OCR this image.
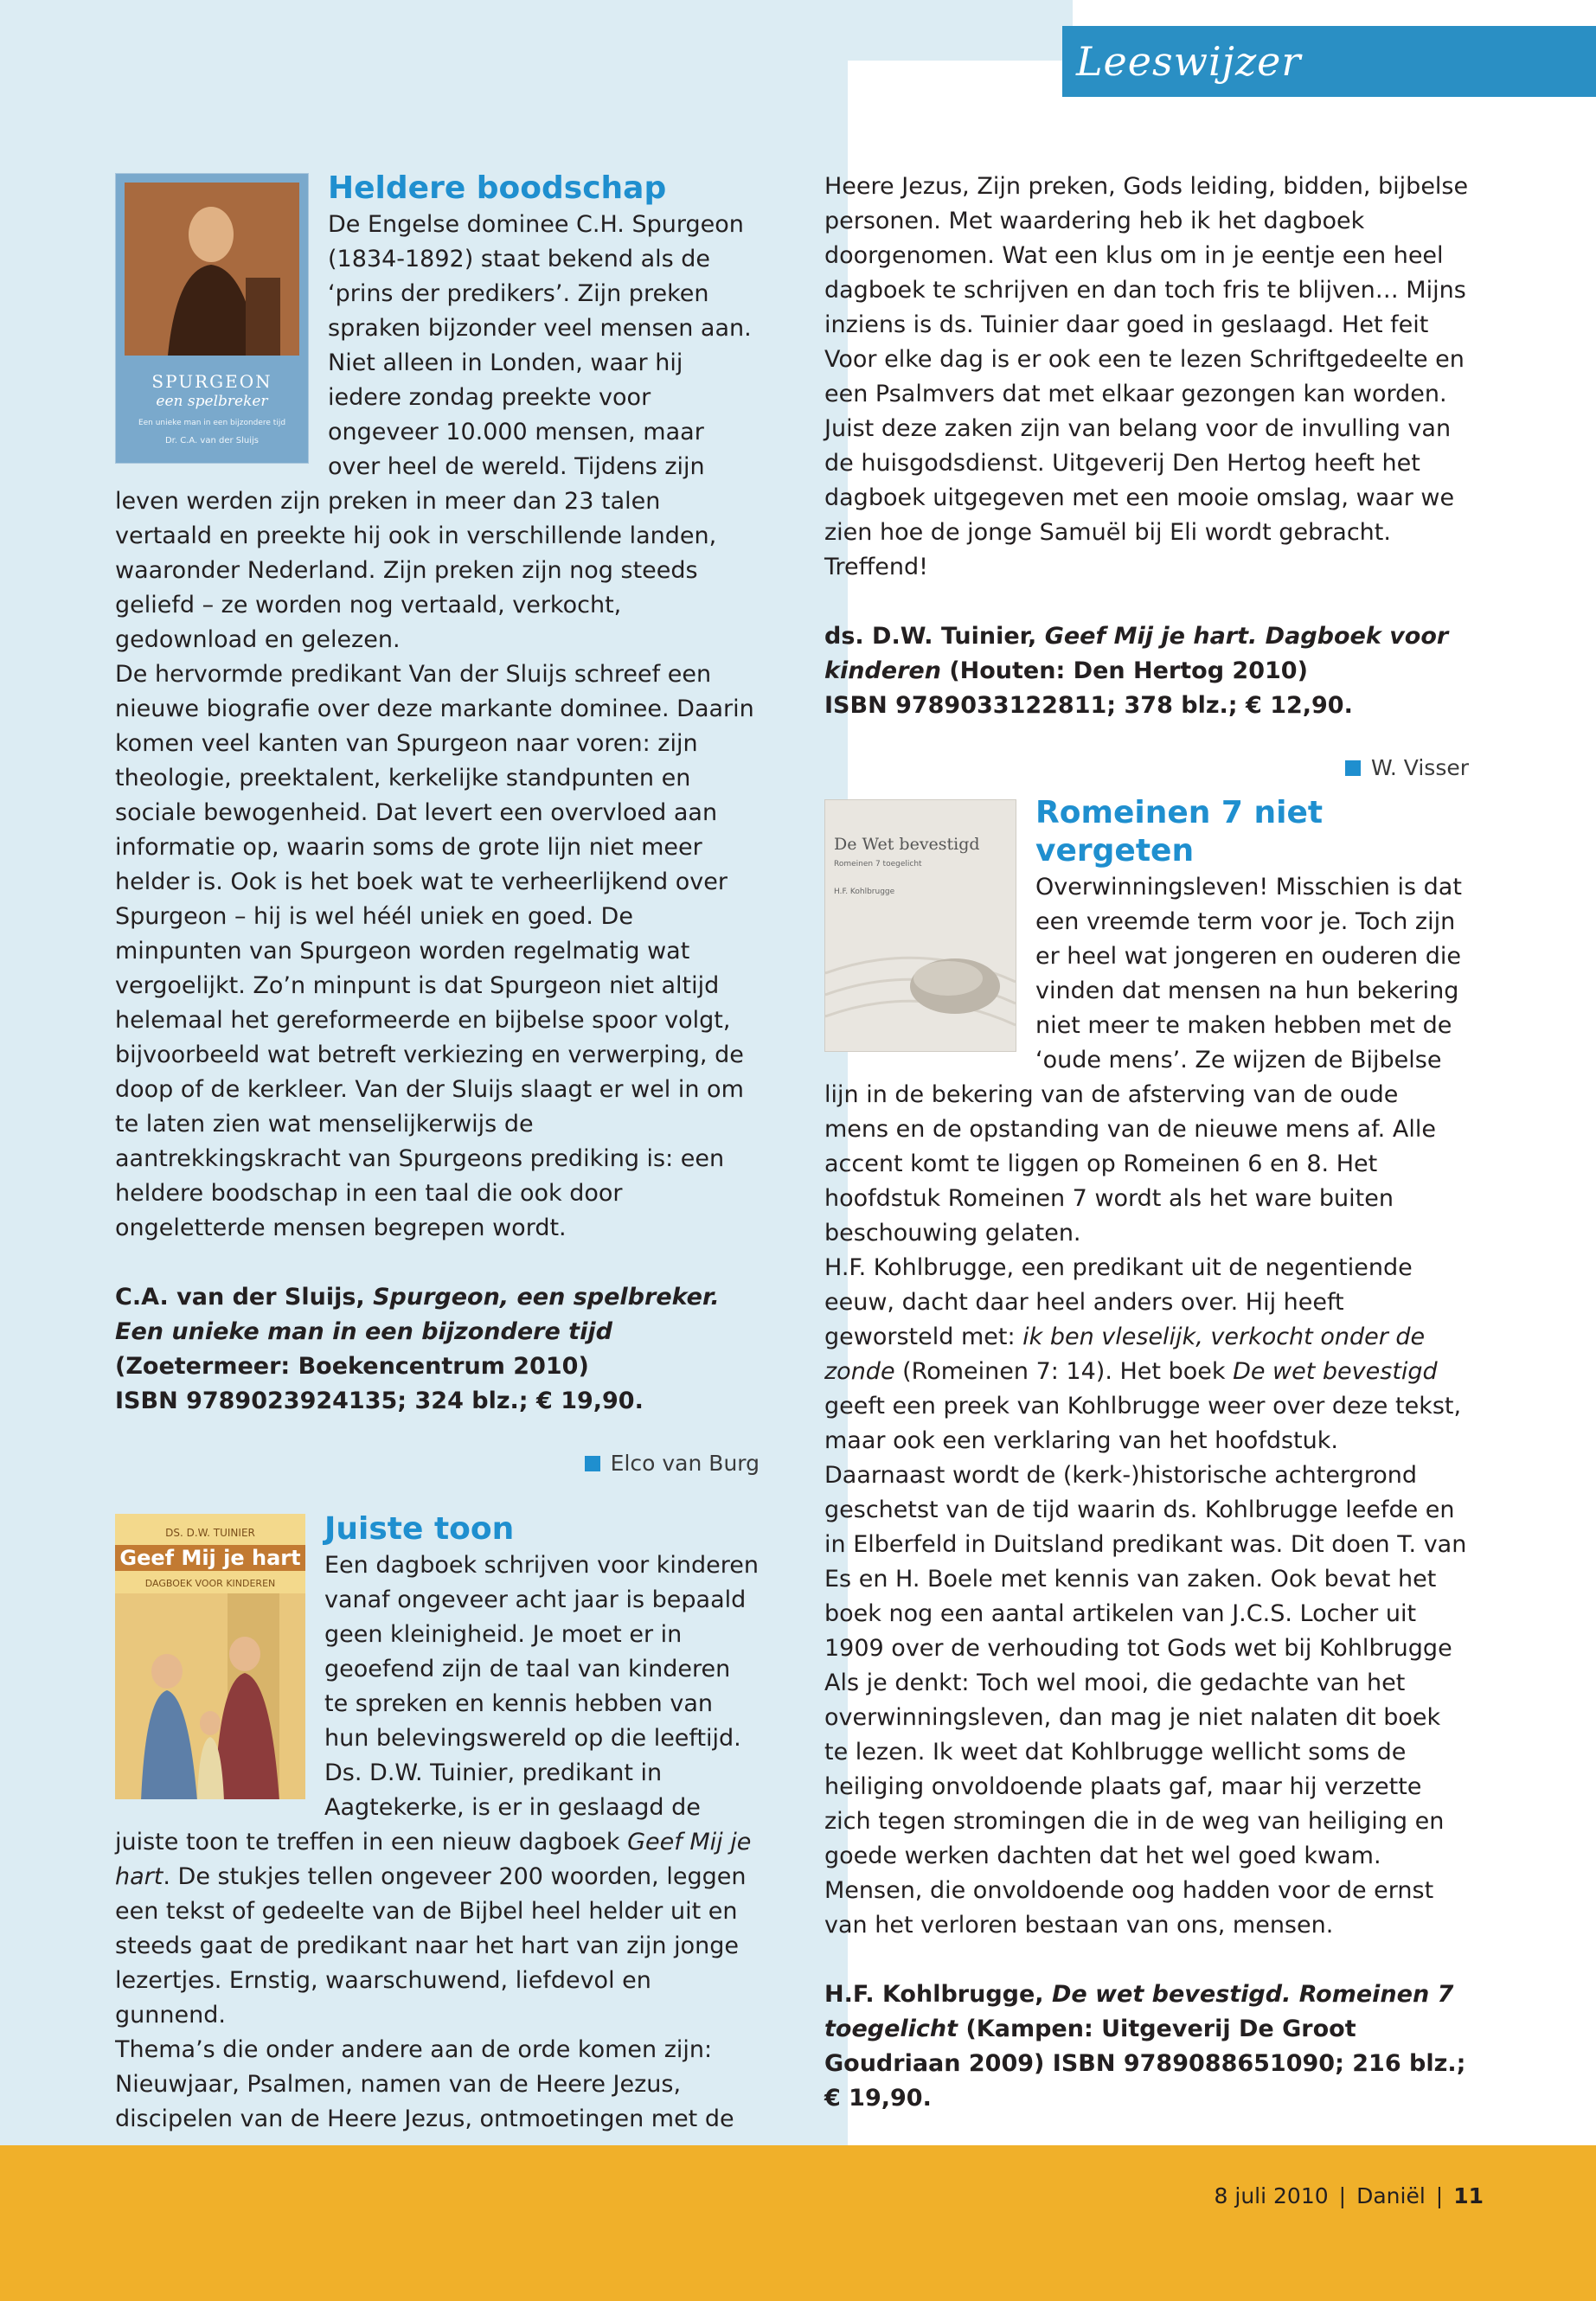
Leeswijzer
SPURGEON
een spelbreker
Een unieke man in een bijzondere tijd
Dr. C.A. van der Sluijs
Heldere boodschap

De Engelse dominee C.H. Spurgeon (1834-1892) staat bekend als de ‘prins der predikers’. Zijn preken spraken bijzonder veel mensen aan. Niet alleen in Londen, waar hij iedere zondag preekte voor ongeveer 10.000 mensen, maar over heel de wereld. Tijdens zijn leven werden zijn preken in meer dan 23 talen vertaald en preekte hij ook in verschillende landen, waaronder Nederland. Zijn preken zijn nog steeds geliefd – ze worden nog vertaald, verkocht, gedownload en gelezen.

De hervormde predikant Van der Sluijs schreef een nieuwe biografie over deze markante dominee. Daarin komen veel kanten van Spurgeon naar voren: zijn theologie, preektalent, kerkelijke standpunten en sociale bewogenheid. Dat levert een overvloed aan informatie op, waarin soms de grote lijn niet meer helder is. Ook is het boek wat te verheerlijkend over Spurgeon – hij is wel héél uniek en goed. De minpunten van Spurgeon worden regelmatig wat vergoelijkt. Zo’n minpunt is dat Spurgeon niet altijd helemaal het gereformeerde en bijbelse spoor volgt, bijvoorbeeld wat betreft verkiezing en verwerping, de doop of de kerkleer. Van der Sluijs slaagt er wel in om te laten zien wat menselijkerwijs de aantrekkingskracht van Spurgeons prediking is: een heldere boodschap in een taal die ook door ongeletterde mensen begrepen wordt.

C.A. van der Sluijs, Spurgeon, een spelbreker. Een unieke man in een bijzondere tijd (Zoetermeer: Boekencentrum 2010)
ISBN 9789023924135; 324 blz.; € 19,90.

Elco van Burg

DS. D.W. TUINIER
Geef Mij je hart
DAGBOEK VOOR KINDEREN
Juiste toon

Een dagboek schrijven voor kinderen vanaf ongeveer acht jaar is bepaald geen kleinigheid. Je moet er in geoefend zijn de taal van kinderen te spreken en kennis hebben van hun belevingswereld op die leeftijd. Ds. D.W. Tuinier, predikant in Aagtekerke, is er in geslaagd de juiste toon te treffen in een nieuw dagboek Geef Mij je hart. De stukjes tellen ongeveer 200 woorden, leggen een tekst of gedeelte van de Bijbel heel helder uit en steeds gaat de predikant naar het hart van zijn jonge lezertjes. Ernstig, waarschuwend, liefdevol en gunnend.

Thema’s die onder andere aan de orde komen zijn: Nieuwjaar, Psalmen, namen van de Heere Jezus, discipelen van de Heere Jezus, ontmoetingen met de

Heere Jezus, Zijn preken, Gods leiding, bidden, bijbelse personen. Met waardering heb ik het dagboek doorgenomen. Wat een klus om in je eentje een heel dagboek te schrijven en dan toch fris te blijven… Mijns inziens is ds. Tuinier daar goed in geslaagd. Het feit

Voor elke dag is er ook een te lezen Schriftgedeelte en een Psalmvers dat met elkaar gezongen kan worden. Juist deze zaken zijn van belang voor de invulling van de huisgodsdienst. Uitgeverij Den Hertog heeft het dagboek uitgegeven met een mooie omslag, waar we zien hoe de jonge Samuël bij Eli wordt gebracht. Treffend!

ds. D.W. Tuinier, Geef Mij je hart. Dagboek voor kinderen (Houten: Den Hertog 2010)
ISBN 9789033122811; 378 blz.; € 12,90.

W. Visser

De Wet bevestigd
Romeinen 7 toegelicht
H.F. Kohlbrugge
Romeinen 7 niet vergeten

Overwinningsleven! Misschien is dat een vreemde term voor je. Toch zijn er heel wat jongeren en ouderen die vinden dat mensen na hun bekering niet meer te maken hebben met de ‘oude mens’. Ze wijzen de Bijbelse lijn in de bekering van de afsterving van de oude mens en de opstanding van de nieuwe mens af. Alle accent komt te liggen op Romeinen 6 en 8. Het hoofdstuk Romeinen 7 wordt als het ware buiten beschouwing gelaten.

H.F. Kohlbrugge, een predikant uit de negentiende eeuw, dacht daar heel anders over. Hij heeft geworsteld met: ik ben vleselijk, verkocht onder de zonde (Romeinen 7: 14). Het boek De wet bevestigd geeft een preek van Kohlbrugge weer over deze tekst, maar ook een verklaring van het hoofdstuk.

Daarnaast wordt de (kerk-)historische achtergrond geschetst van de tijd waarin ds. Kohlbrugge leefde en in Elberfeld in Duitsland predikant was. Dit doen T. van Es en H. Boele met kennis van zaken. Ook bevat het boek nog een aantal artikelen van J.C.S. Locher uit 1909 over de verhouding tot Gods wet bij Kohlbrugge

Als je denkt: Toch wel mooi, die gedachte van het overwinningsleven, dan mag je niet nalaten dit boek te lezen. Ik weet dat Kohlbrugge wellicht soms de heiliging onvoldoende plaats gaf, maar hij verzette zich tegen stromingen die in de weg van heiliging en goede werken dachten dat het wel goed kwam. Mensen, die onvoldoende oog hadden voor de ernst van het verloren bestaan van ons, mensen.

H.F. Kohlbrugge, De wet bevestigd. Romeinen 7 toegelicht (Kampen: Uitgeverij De Groot Goudriaan 2009) ISBN 9789088651090; 216 blz.; € 19,90.

8 juli 2010 | Daniël | 11
